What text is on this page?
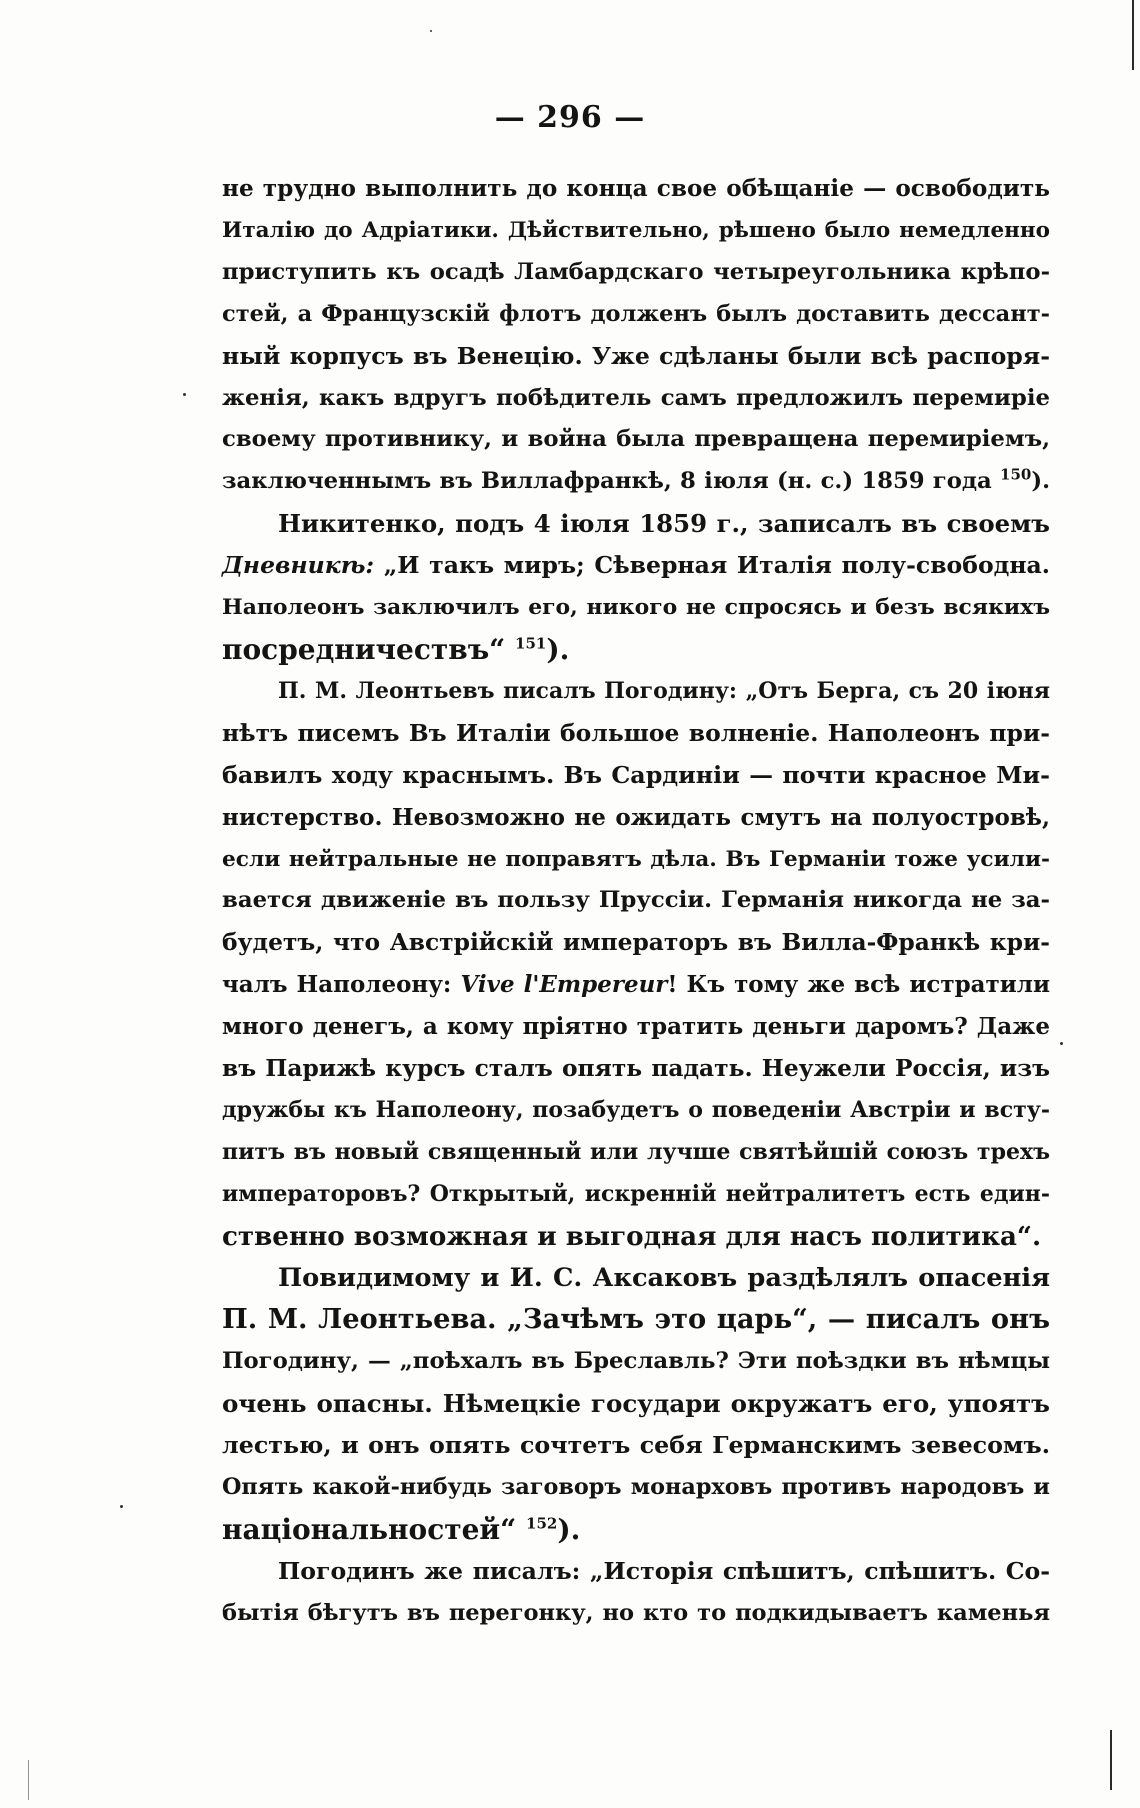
— 296 —
не трудно выполнить до конца свое обѣщаніе — освободить
Италію до Адріатики. Дѣйствительно, рѣшено было немедленно
приступить къ осадѣ Ламбардскаго четыреугольника крѣпо-
стей, а Французскій флотъ долженъ былъ доставить дессант-
ный корпусъ въ Венецію. Уже сдѣланы были всѣ распоря-
женія, какъ вдругъ побѣдитель самъ предложилъ перемиріе
своему противнику, и война была превращена перемиріемъ,
заключеннымъ въ Виллафранкѣ, 8 іюля (н. с.) 1859 года $^{150}$).
Никитенко, подъ 4 іюля 1859 г., записалъ въ своемъ
Дневникѣ: „И такъ миръ; Сѣверная Италія полу-свободна.
Наполеонъ заключилъ его, никого не спросясь и безъ всякихъ
посредничествъ“ $^{151}$).
П. М. Леонтьевъ писалъ Погодину: „Отъ Берга, съ 20 іюня
нѣтъ писемъ Въ Италіи большое волненіе. Наполеонъ при-
бавилъ ходу краснымъ. Въ Сардиніи — почти красное Ми-
нистерство. Невозможно не ожидать смутъ на полуостровѣ,
если нейтральные не поправятъ дѣла. Въ Германіи тоже усили-
вается движеніе въ пользу Пруссіи. Германія никогда не за-
будетъ, что Австрійскій императоръ въ Вилла-Франкѣ кри-
чалъ Наполеону: Vive l'Empereur! Къ тому же всѣ истратили
много денегъ, а кому пріятно тратить деньги даромъ? Даже
въ Парижѣ курсъ сталъ опять падать. Неужели Россія, изъ
дружбы къ Наполеону, позабудетъ о поведеніи Австріи и всту-
питъ въ новый священный или лучше святѣйшій союзъ трехъ
императоровъ? Открытый, искренній нейтралитетъ есть един-
ственно возможная и выгодная для насъ политика“.
Повидимому и И. С. Аксаковъ раздѣлялъ опасенія
П. М. Леонтьева. „Зачѣмъ это царь“, — писалъ онъ
Погодину, — „поѣхалъ въ Бреславль? Эти поѣздки въ нѣмцы
очень опасны. Нѣмецкіе государи окружатъ его, упоятъ
лестью, и онъ опять сочтетъ себя Германскимъ зевесомъ.
Опять какой-нибудь заговоръ монарховъ противъ народовъ и
національностей“ $^{152}$).
Погодинъ же писалъ: „Исторія спѣшитъ, спѣшитъ. Со-
бытія бѣгутъ въ перегонку, но кто то подкидываетъ каменья
